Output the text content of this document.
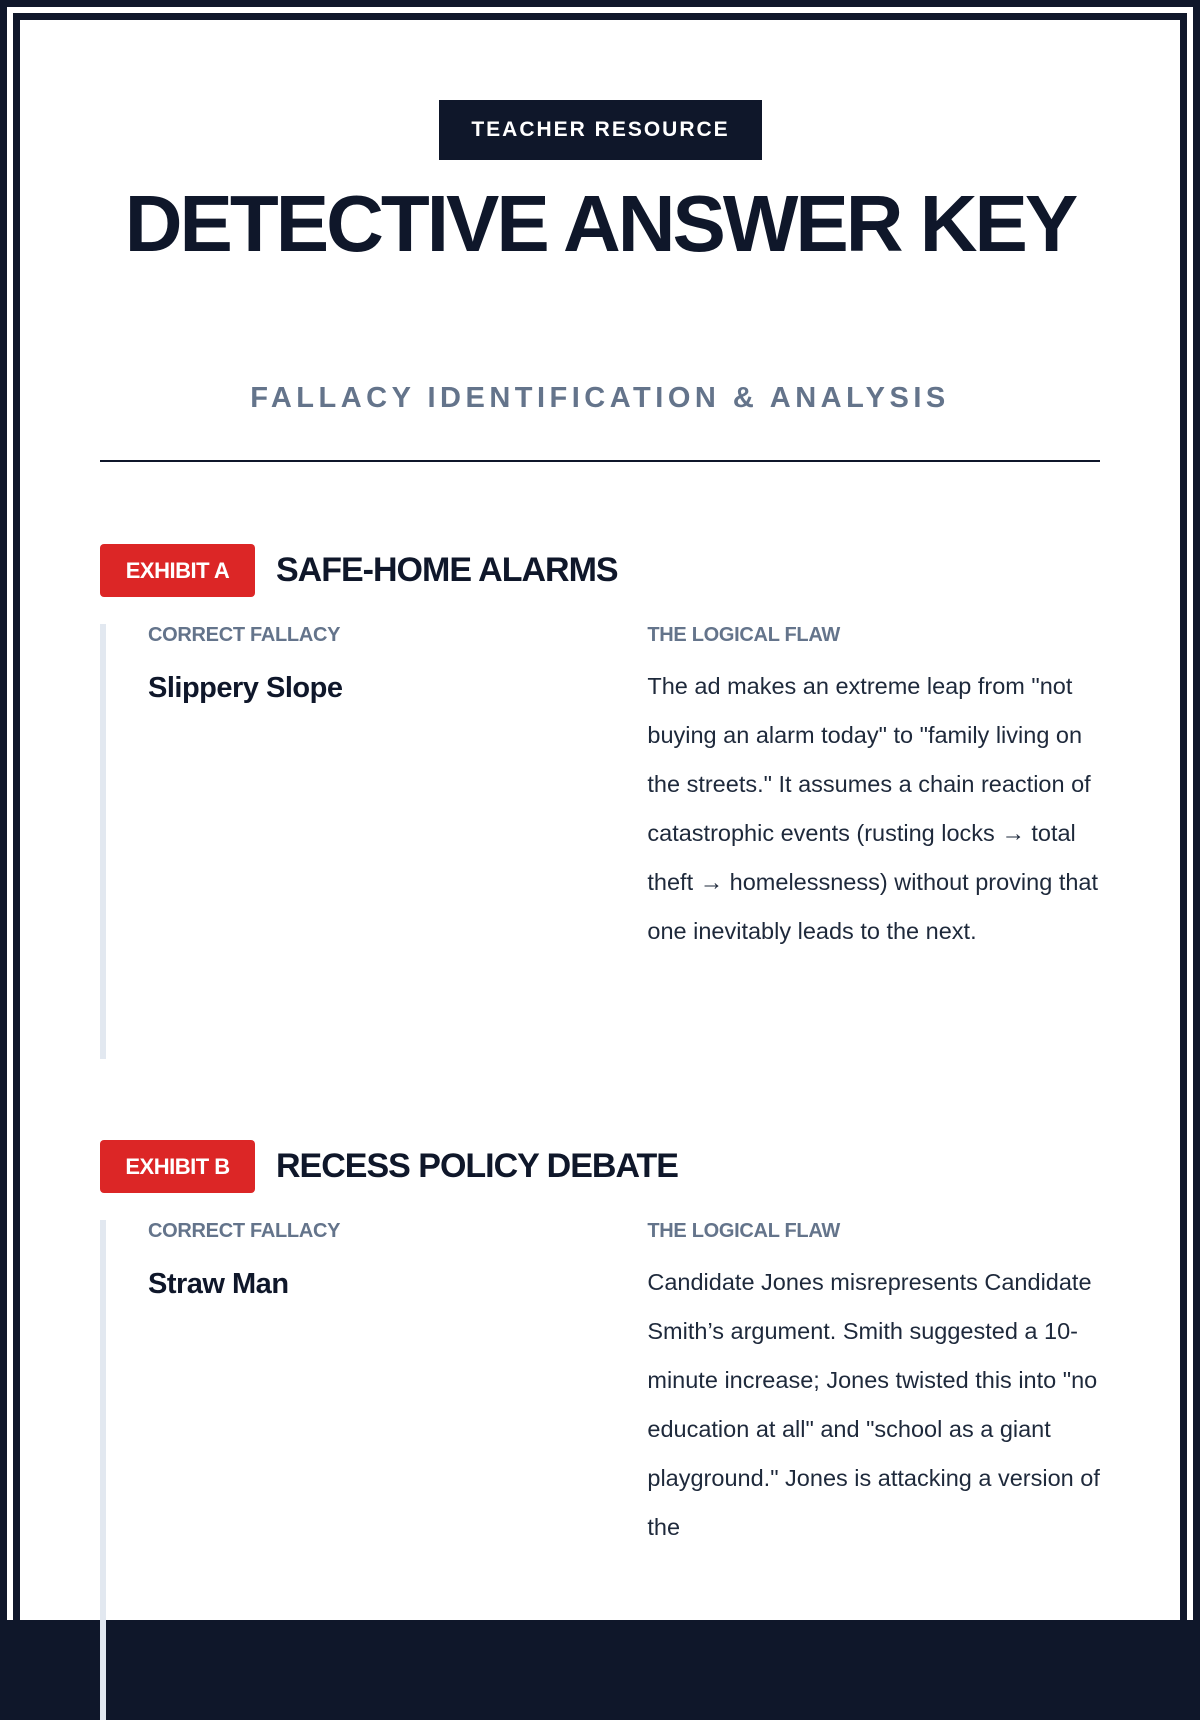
TEACHER RESOURCE
DETECTIVE ANSWER KEY
FALLACY IDENTIFICATION & ANALYSIS
EXHIBIT A	SAFE-HOME ALARMS
CORRECT FALLACY
Slippery Slope
THE LOGICAL FLAW
The ad makes an extreme leap from "not buying an alarm today" to "family living on the streets." It assumes a chain reaction of catastrophic events (rusting locks → total theft → homelessness) without proving that one inevitably leads to the next.
EXHIBIT B	RECESS POLICY DEBATE
CORRECT FALLACY
Straw Man
THE LOGICAL FLAW
Candidate Jones misrepresents Candidate Smith’s argument. Smith suggested a 10-minute increase; Jones twisted this into "no education at all" and "school as a giant playground." Jones is attacking a version of the
